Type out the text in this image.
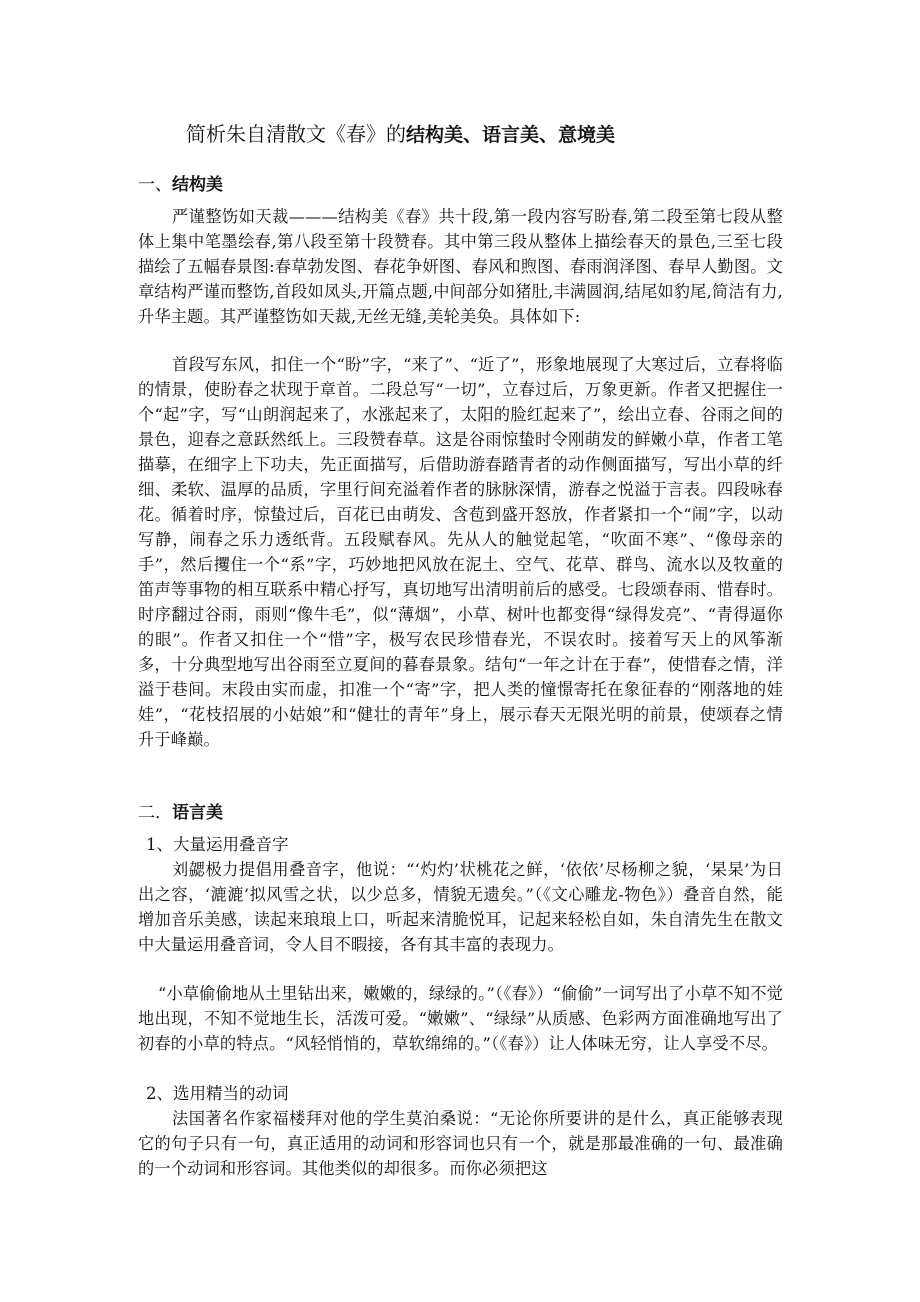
简析朱自清散文《春》的结构美、语言美、意境美
一、结构美

严谨整饬如天裁———结构美《春》共十段,第一段内容写盼春,第二段至第七段从整体上集中笔墨绘春,第八段至第十段赞春。其中第三段从整体上描绘春天的景色,三至七段描绘了五幅春景图:春草勃发图、春花争妍图、春风和煦图、春雨润泽图、春早人勤图。文章结构严谨而整饬,首段如凤头,开篇点题,中间部分如猪肚,丰满圆润,结尾如豹尾,简洁有力,升华主题。其严谨整饬如天裁,无丝无缝,美轮美奂。具体如下:

首段写东风，扣住一个“盼”字，“来了”、“近了”，形象地展现了大寒过后，立春将临的情景，使盼春之状现于章首。二段总写“一切”，立春过后，万象更新。作者又把握住一个“起”字，写“山朗润起来了，水涨起来了，太阳的脸红起来了”，绘出立春、谷雨之间的景色，迎春之意跃然纸上。三段赞春草。这是谷雨惊蛰时令刚萌发的鲜嫩小草，作者工笔描摹，在细字上下功夫，先正面描写，后借助游春踏青者的动作侧面描写，写出小草的纤细、柔软、温厚的品质，字里行间充溢着作者的脉脉深情，游春之悦溢于言表。四段咏春花。循着时序，惊蛰过后，百花已由萌发、含苞到盛开怒放，作者紧扣一个“闹”字，以动写静，闹春之乐力透纸背。五段赋春风。先从人的触觉起笔，“吹面不寒”、“像母亲的手”，然后攫住一个“系”字，巧妙地把风放在泥土、空气、花草、群鸟、流水以及牧童的笛声等事物的相互联系中精心抒写，真切地写出清明前后的感受。七段颂春雨、惜春时。时序翻过谷雨，雨则“像牛毛”，似“薄烟”，小草、树叶也都变得“绿得发亮”、“青得逼你的眼”。作者又扣住一个“惜”字，极写农民珍惜春光，不误农时。接着写天上的风筝渐多，十分典型地写出谷雨至立夏间的暮春景象。结句“一年之计在于春”，使惜春之情，洋溢于巷间。末段由实而虚，扣准一个“寄”字，把人类的憧憬寄托在象征春的“刚落地的娃娃”，“花枝招展的小姑娘”和“健壮的青年”身上，展示春天无限光明的前景，使颂春之情升于峰巅。

二．语言美
1、大量运用叠音字

刘勰极力提倡用叠音字，他说：“‘灼灼’状桃花之鲜，‘依依’尽杨柳之貌，‘杲杲’为日出之容，‘漉漉’拟风雪之状，以少总多，情貌无遗矣。”（《文心雕龙-物色》）叠音自然，能增加音乐美感，读起来琅琅上口，听起来清脆悦耳，记起来轻松自如，朱自清先生在散文中大量运用叠音词，令人目不暇接，各有其丰富的表现力。

“小草偷偷地从土里钻出来，嫩嫩的，绿绿的。”（《春》）“偷偷”一词写出了小草不知不觉地出现，不知不觉地生长，活泼可爱。“嫩嫩”、“绿绿”从质感、色彩两方面准确地写出了初春的小草的特点。“风轻悄悄的，草软绵绵的。”（《春》）让人体味无穷，让人享受不尽。

2、选用精当的动词

法国著名作家福楼拜对他的学生莫泊桑说：“无论你所要讲的是什么，真正能够表现它的句子只有一句，真正适用的动词和形容词也只有一个，就是那最准确的一句、最准确的一个动词和形容词。其他类似的却很多。而你必须把这
